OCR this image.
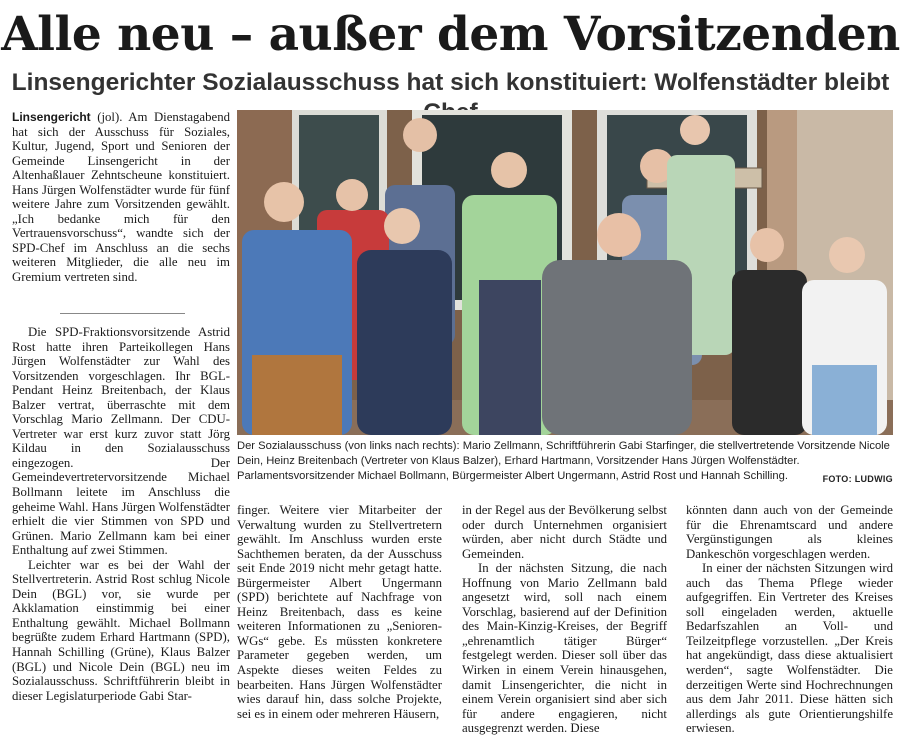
Alle neu – außer dem Vorsitzenden
Linsengerichter Sozialausschuss hat sich konstituiert: Wolfenstädter bleibt

Linsengericht (jol). Am Dienstagabend hat sich der Ausschuss für Soziales, Kultur, Jugend, Sport und Senioren der Gemeinde Linsengericht in der Altenhaßlauer Zehntscheune konstituiert. Hans Jürgen Wolfenstädter wurde für fünf weitere Jahre zum Vorsitzenden gewählt. „Ich bedanke mich für den Vertrauensvorschuss“, wandte sich der SPD-Chef im Anschluss an die sechs weiteren Mitglieder, die alle neu im Gremium vertreten sind.

Die SPD-Fraktionsvorsitzende Astrid Rost hatte ihren Parteikollegen Hans Jürgen Wolfenstädter zur Wahl des Vorsitzenden vorgeschlagen. Ihr BGL-Pendant Heinz Breitenbach, der Klaus Balzer vertrat, überraschte mit dem Vorschlag Mario Zellmann. Der CDU-Vertreter war erst kurz zuvor statt Jörg Kildau in den Sozialausschuss eingezogen. Der Gemeindevertretervorsitzende Michael Bollmann leitete im Anschluss die geheime Wahl. Hans Jürgen Wolfenstädter erhielt die vier Stimmen von SPD und Grünen. Mario Zellmann kam bei einer Enthaltung auf zwei Stimmen.

Leichter war es bei der Wahl der Stellvertreterin. Astrid Rost schlug Nicole Dein (BGL) vor, sie wurde per Akklamation einstimmig bei einer Enthaltung gewählt. Michael Bollmann begrüßte zudem Erhard Hartmann (SPD), Hannah Schilling (Grüne), Klaus Balzer (BGL) und Nicole Dein (BGL) neu im Sozialausschuss. Schriftführerin bleibt in dieser Legislaturperiode Gabi Star-

Der Sozialausschuss (von links nach rechts): Mario Zellmann, Schriftführerin Gabi Starfinger, die stellvertretende Vorsitzende Nicole Dein, Heinz Breitenbach (Vertreter von Klaus Balzer), Erhard Hartmann, Vorsitzender Hans Jürgen Wolfenstädter. Parlamentsvorsitzender Michael Bollmann, Bürgermeister Albert Ungermann, Astrid Rost und Hannah Schilling.	FOTO: LUDWIG

finger. Weitere vier Mitarbeiter der Verwaltung wurden zu Stellvertretern gewählt. Im Anschluss wurden erste Sachthemen beraten, da der Ausschuss seit Ende 2019 nicht mehr getagt hatte. Bürgermeister Albert Ungermann (SPD) berichtete auf Nachfrage von Heinz Breitenbach, dass es keine weiteren Informationen zu „Senioren-WGs“ gebe. Es müssten konkretere Parameter gegeben werden, um Aspekte dieses weiten Feldes zu bearbeiten. Hans Jürgen Wolfenstädter wies darauf hin, dass solche Projekte, sei es in einem oder mehreren Häusern,

in der Regel aus der Bevölkerung selbst oder durch Unternehmen organisiert würden, aber nicht durch Städte und Gemeinden.

In der nächsten Sitzung, die nach Hoffnung von Mario Zellmann bald angesetzt wird, soll nach einem Vorschlag, basierend auf der Definition des Main-Kinzig-Kreises, der Begriff „ehrenamtlich tätiger Bürger“ festgelegt werden. Dieser soll über das Wirken in einem Verein hinausgehen, damit Linsengerichter, die nicht in einem Verein organisiert sind aber sich für andere engagieren, nicht ausgegrenzt werden. Diese

könnten dann auch von der Gemeinde für die Ehrenamtscard und andere Vergünstigungen als kleines Dankeschön vorgeschlagen werden.

In einer der nächsten Sitzungen wird auch das Thema Pflege wieder aufgegriffen. Ein Vertreter des Kreises soll eingeladen werden, aktuelle Bedarfszahlen an Voll- und Teilzeitpflege vorzustellen. „Der Kreis hat angekündigt, dass diese aktualisiert werden“, sagte Wolfenstädter. Die derzeitigen Werte sind Hochrechnungen aus dem Jahr 2011. Diese hätten sich allerdings als gute Orientierungshilfe erwiesen.
